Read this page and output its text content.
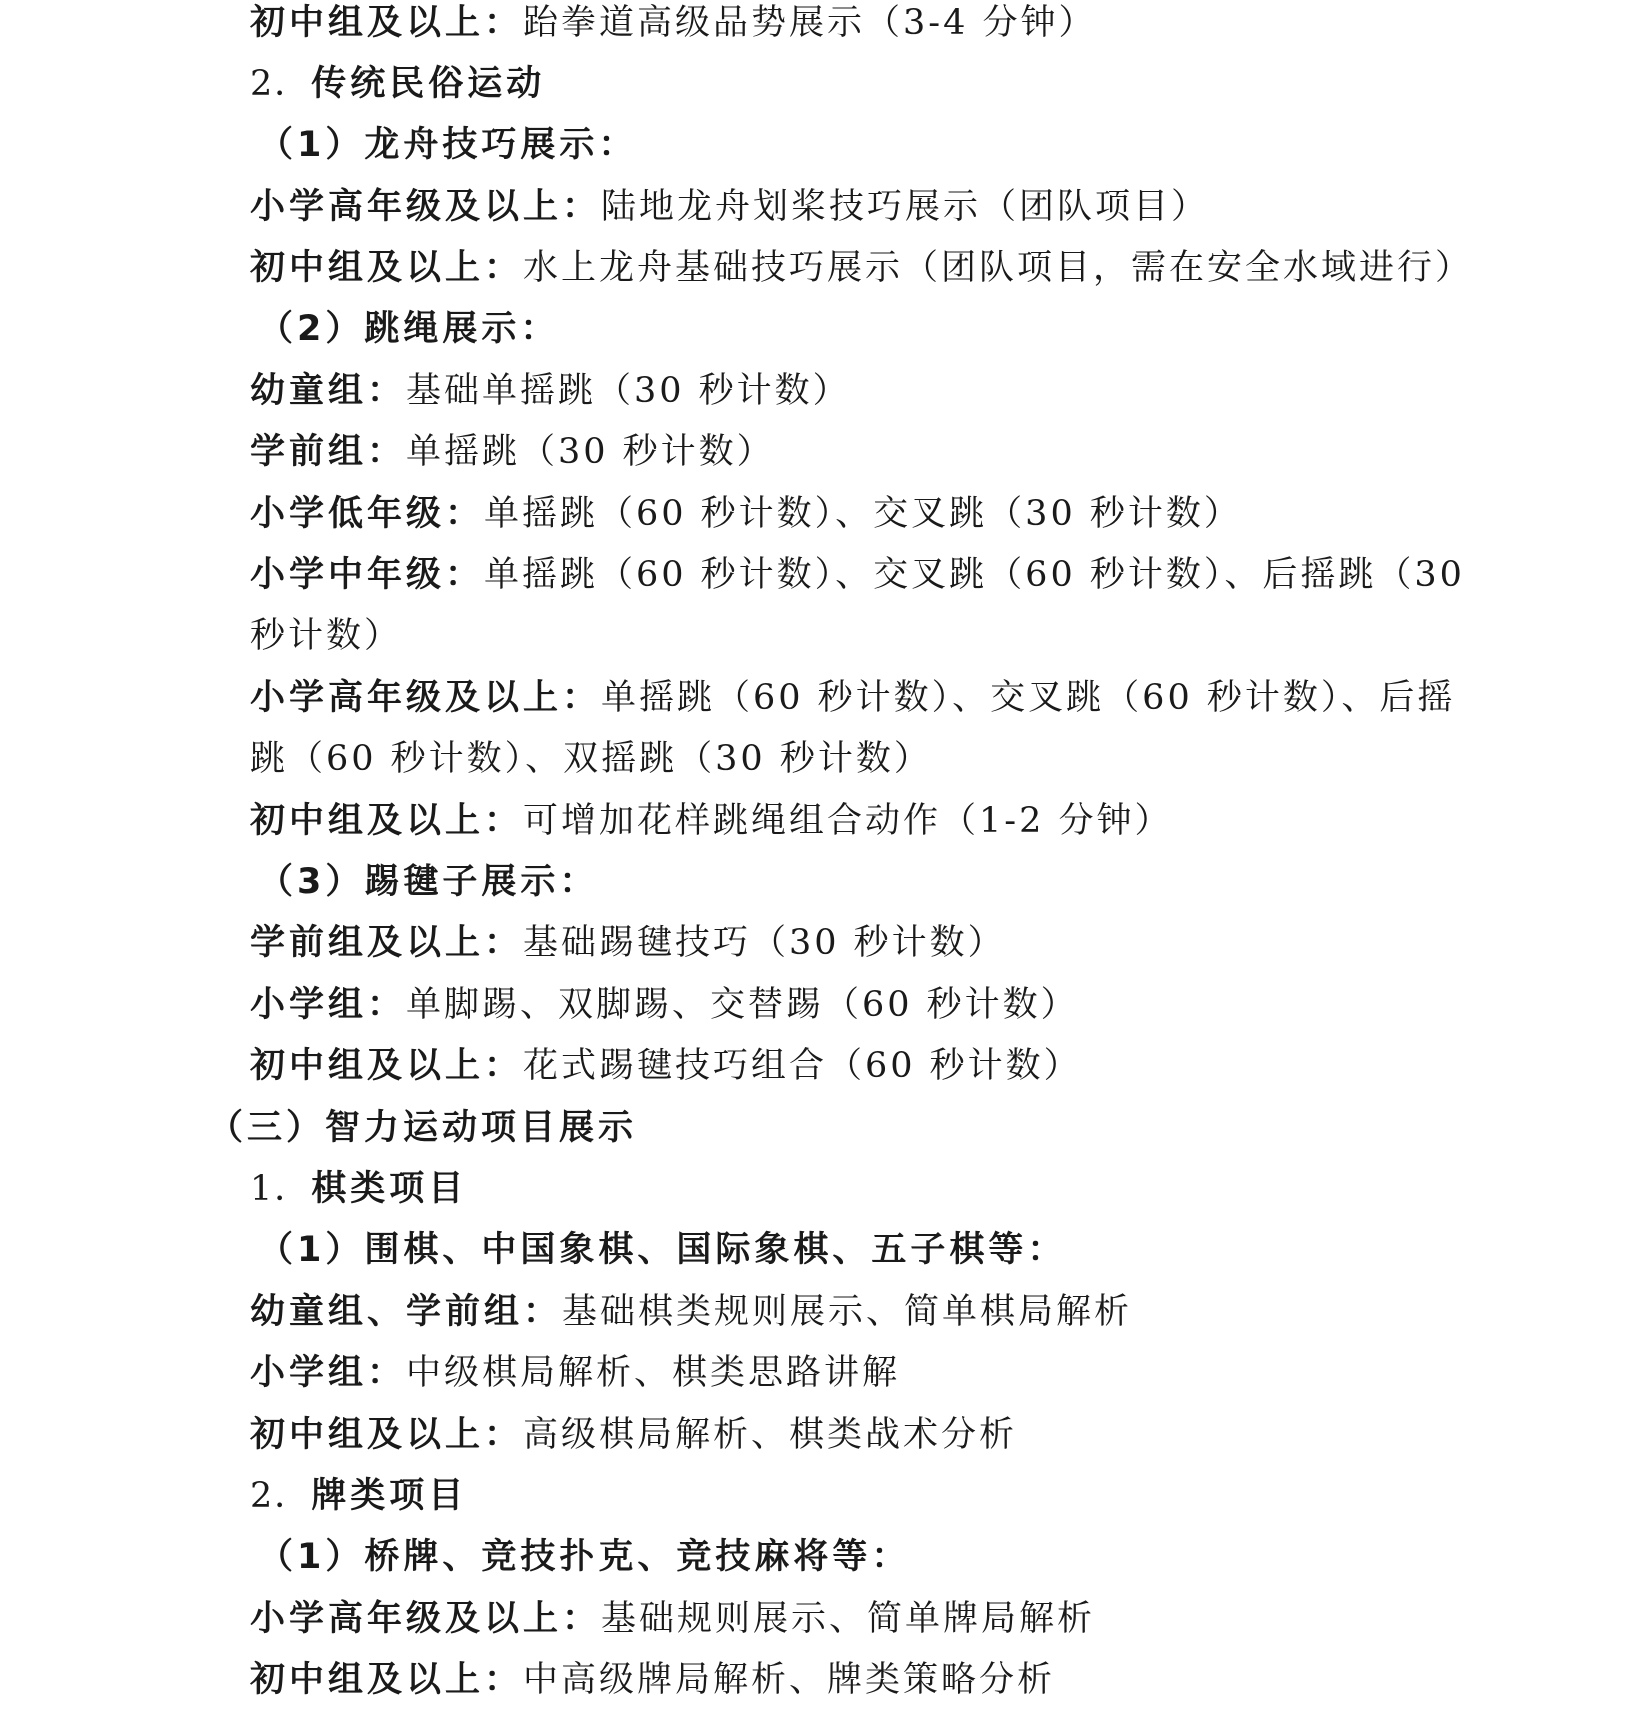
初中组及以上：跆拳道高级品势展示（3-4 分钟）
2．传统民俗运动
（1）龙舟技巧展示：
小学高年级及以上：陆地龙舟划桨技巧展示（团队项目）
初中组及以上：水上龙舟基础技巧展示（团队项目，需在安全水域进行）
（2）跳绳展示：
幼童组：基础单摇跳（30 秒计数）
学前组：单摇跳（30 秒计数）
小学低年级：单摇跳（60 秒计数）、交叉跳（30 秒计数）
小学中年级：单摇跳（60 秒计数）、交叉跳（60 秒计数）、后摇跳（30
秒计数）
小学高年级及以上：单摇跳（60 秒计数）、交叉跳（60 秒计数）、后摇
跳（60 秒计数）、双摇跳（30 秒计数）
初中组及以上：可增加花样跳绳组合动作（1-2 分钟）
（3）踢毽子展示：
学前组及以上：基础踢毽技巧（30 秒计数）
小学组：单脚踢、双脚踢、交替踢（60 秒计数）
初中组及以上：花式踢毽技巧组合（60 秒计数）
（三）智力运动项目展示
1．棋类项目
（1）围棋、中国象棋、国际象棋、五子棋等：
幼童组、学前组：基础棋类规则展示、简单棋局解析
小学组：中级棋局解析、棋类思路讲解
初中组及以上：高级棋局解析、棋类战术分析
2．牌类项目
（1）桥牌、竞技扑克、竞技麻将等：
小学高年级及以上：基础规则展示、简单牌局解析
初中组及以上：中高级牌局解析、牌类策略分析
